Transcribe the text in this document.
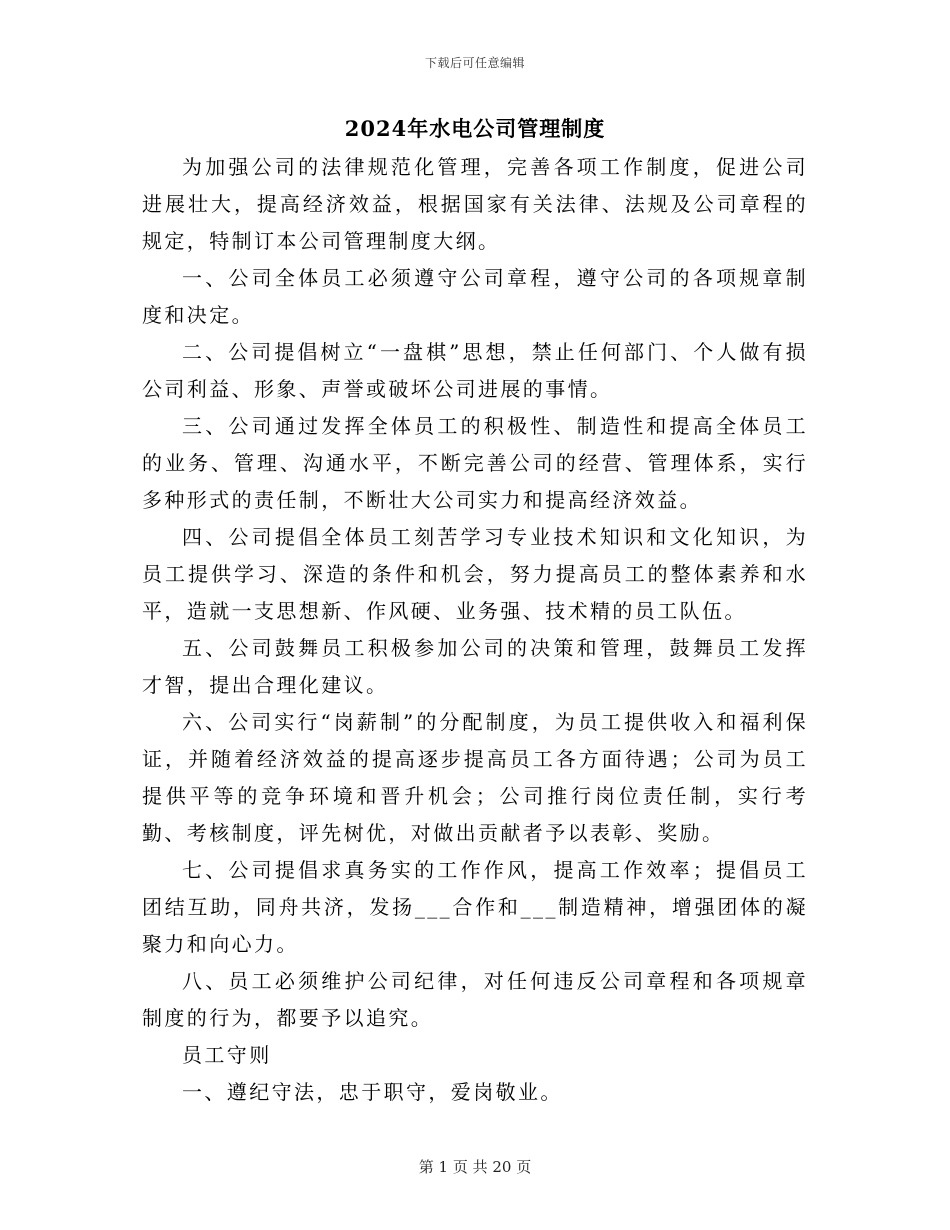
下载后可任意编辑
2024年水电公司管理制度

为加强公司的法律规范化管理，完善各项工作制度，促进公司进展壮大，提高经济效益，根据国家有关法律、法规及公司章程的规定，特制订本公司管理制度大纲。

一、公司全体员工必须遵守公司章程，遵守公司的各项规章制度和决定。

二、公司提倡树立“一盘棋”思想，禁止任何部门、个人做有损公司利益、形象、声誉或破坏公司进展的事情。

三、公司通过发挥全体员工的积极性、制造性和提高全体员工的业务、管理、沟通水平，不断完善公司的经营、管理体系，实行多种形式的责任制，不断壮大公司实力和提高经济效益。

四、公司提倡全体员工刻苦学习专业技术知识和文化知识，为员工提供学习、深造的条件和机会，努力提高员工的整体素养和水平，造就一支思想新、作风硬、业务强、技术精的员工队伍。

五、公司鼓舞员工积极参加公司的决策和管理，鼓舞员工发挥才智，提出合理化建议。

六、公司实行“岗薪制”的分配制度，为员工提供收入和福利保证，并随着经济效益的提高逐步提高员工各方面待遇；公司为员工提供平等的竞争环境和晋升机会；公司推行岗位责任制，实行考勤、考核制度，评先树优，对做出贡献者予以表彰、奖励。

七、公司提倡求真务实的工作作风，提高工作效率；提倡员工团结互助，同舟共济，发扬___合作和___制造精神，增强团体的凝聚力和向心力。

八、员工必须维护公司纪律，对任何违反公司章程和各项规章制度的行为，都要予以追究。

员工守则

一、遵纪守法，忠于职守，爱岗敬业。

第 1 页 共 20 页
